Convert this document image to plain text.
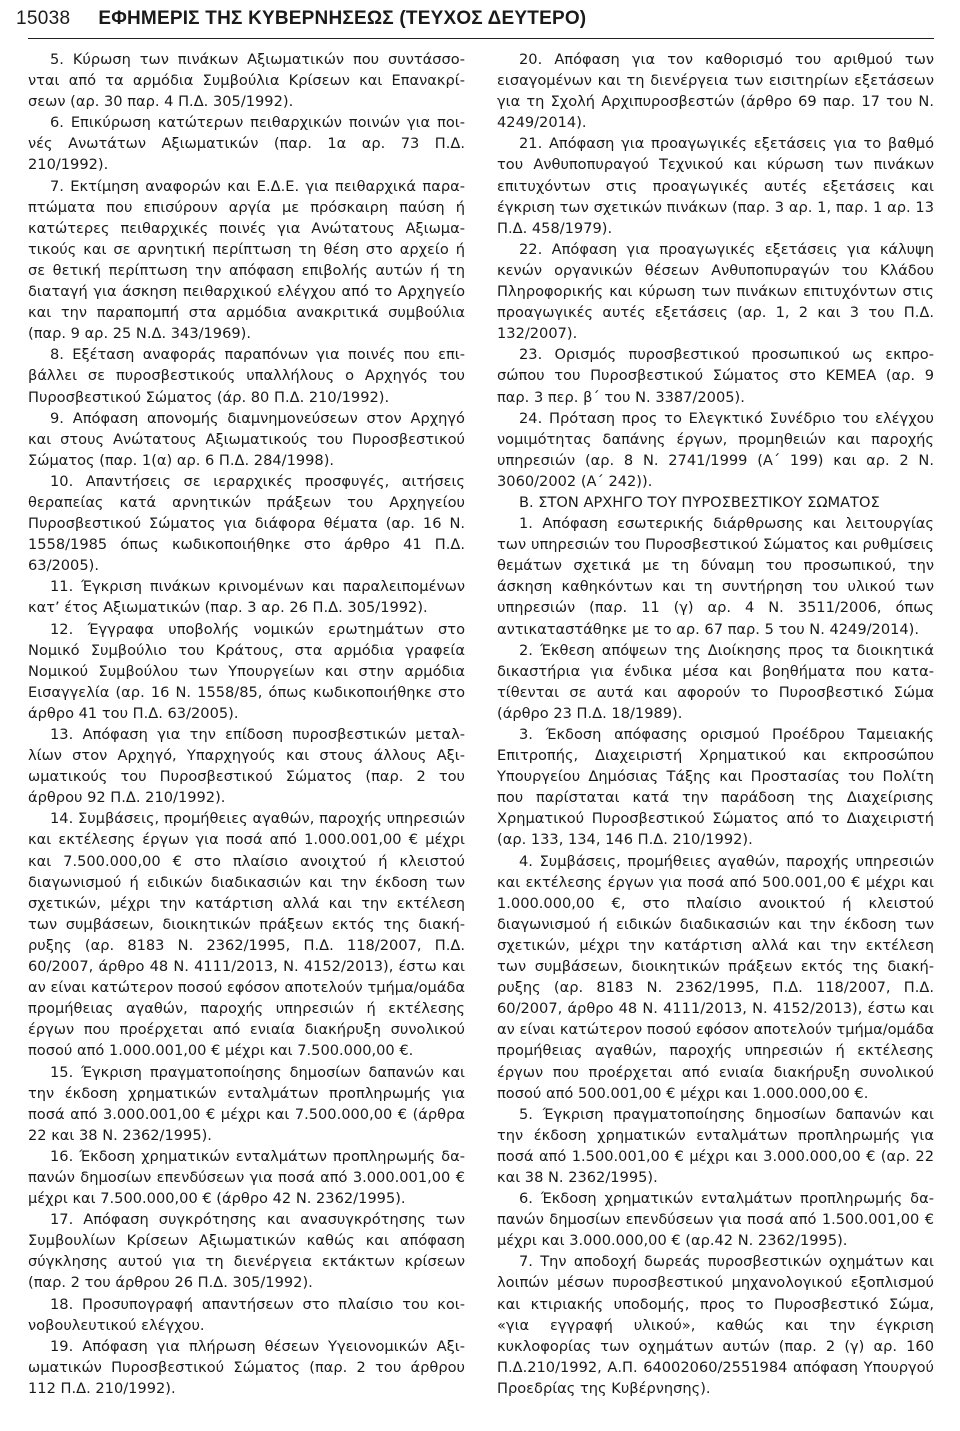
15038 ΕΦΗΜΕΡΙΣ ΤΗΣ ΚΥΒΕΡΝΗΣΕΩΣ (ΤΕΥΧΟΣ ΔΕΥΤΕΡΟ)

5. Κύρωση των πινάκων Αξιωματικών που συντάσσονται από τα αρμόδια Συμβούλια Κρίσεων και Επανακρίσεων (αρ. 30 παρ. 4 Π.Δ. 305/1992).

6. Επικύρωση κατώτερων πειθαρχικών ποινών για ποινές Ανωτάτων Αξιωματικών (παρ. 1α αρ. 73 Π.Δ. 210/1992).

7. Εκτίμηση αναφορών και Ε.Δ.Ε. για πειθαρχικά παραπτώματα που επισύρουν αργία με πρόσκαιρη παύση ή κατώτερες πειθαρχικές ποινές για Ανώτατους Αξιωματικούς και σε αρνητική περίπτωση τη θέση στο αρχείο ή σε θετική περίπτωση την απόφαση επιβολής αυτών ή τη διαταγή για άσκηση πειθαρχικού ελέγχου από το Αρχηγείο και την παραπομπή στα αρμόδια ανακριτικά συμβούλια (παρ. 9 αρ. 25 Ν.Δ. 343/1969).

8. Εξέταση αναφοράς παραπόνων για ποινές που επιβάλλει σε πυροσβεστικούς υπαλλήλους ο Αρχηγός του Πυροσβεστικού Σώματος (άρ. 80 Π.Δ. 210/1992).

9. Απόφαση απονομής διαμνημονεύσεων στον Αρχηγό και στους Ανώτατους Αξιωματικούς του Πυροσβεστικού Σώματος (παρ. 1(α) αρ. 6 Π.Δ. 284/1998).

10. Απαντήσεις σε ιεραρχικές προσφυγές, αιτήσεις θεραπείας κατά αρνητικών πράξεων του Αρχηγείου Πυροσβεστικού Σώματος για διάφορα θέματα (αρ. 16 Ν. 1558/1985 όπως κωδικοποιήθηκε στο άρθρο 41 Π.Δ. 63/2005).

11. Έγκριση πινάκων κρινομένων και παραλειπομένων κατ’ έτος Αξιωματικών (παρ. 3 αρ. 26 Π.Δ. 305/1992).

12. Έγγραφα υποβολής νομικών ερωτημάτων στο Νομικό Συμβούλιο του Κράτους, στα αρμόδια γραφεία Νομικού Συμβούλου των Υπουργείων και στην αρμόδια Εισαγγελία (αρ. 16 Ν. 1558/85, όπως κωδικοποιήθηκε στο άρθρο 41 του Π.Δ. 63/2005).

13. Απόφαση για την επίδοση πυροσβεστικών μεταλλίων στον Αρχηγό, Υπαρχηγούς και στους άλλους Αξιωματικούς του Πυροσβεστικού Σώματος (παρ. 2 του άρθρου 92 Π.Δ. 210/1992).

14. Συμβάσεις, προμήθειες αγαθών, παροχής υπηρεσιών και εκτέλεσης έργων για ποσά από 1.000.001,00 € μέχρι και 7.500.000,00 € στο πλαίσιο ανοιχτού ή κλειστού διαγωνισμού ή ειδικών διαδικασιών και την έκδοση των σχετικών, μέχρι την κατάρτιση αλλά και την εκτέλεση των συμβάσεων, διοικητικών πράξεων εκτός της διακήρυξης (αρ. 8183 Ν. 2362/1995, Π.Δ. 118/2007, Π.Δ. 60/2007, άρθρο 48 Ν. 4111/2013, Ν. 4152/2013), έστω και αν είναι κατώτερον ποσού εφόσον αποτελούν τμήμα/ομάδα προμήθειας αγαθών, παροχής υπηρεσιών ή εκτέλεσης έργων που προέρχεται από ενιαία διακήρυξη συνολικού ποσού από 1.000.001,00 € μέχρι και 7.500.000,00 €.

15. Έγκριση πραγματοποίησης δημοσίων δαπανών και την έκδοση χρηματικών ενταλμάτων προπληρωμής για ποσά από 3.000.001,00 € μέχρι και 7.500.000,00 € (άρθρα 22 και 38 Ν. 2362/1995).

16. Έκδοση χρηματικών ενταλμάτων προπληρωμής δαπανών δημοσίων επενδύσεων για ποσά από 3.000.001,00 € μέχρι και 7.500.000,00 € (άρθρο 42 Ν. 2362/1995).

17. Απόφαση συγκρότησης και ανασυγκρότησης των Συμβουλίων Κρίσεων Αξιωματικών καθώς και απόφαση σύγκλησης αυτού για τη διενέργεια εκτάκτων κρίσεων (παρ. 2 του άρθρου 26 Π.Δ. 305/1992).

18. Προσυπογραφή απαντήσεων στο πλαίσιο του κοινοβουλευτικού ελέγχου.

19. Απόφαση για πλήρωση θέσεων Υγειονομικών Αξιωματικών Πυροσβεστικού Σώματος (παρ. 2 του άρθρου 112 Π.Δ. 210/1992).

20. Απόφαση για τον καθορισμό του αριθμού των εισαγομένων και τη διενέργεια των εισιτηρίων εξετάσεων για τη Σχολή Αρχιπυροσβεστών (άρθρο 69 παρ. 17 του Ν. 4249/2014).

21. Απόφαση για προαγωγικές εξετάσεις για το βαθμό του Ανθυποπυραγού Τεχνικού και κύρωση των πινάκων επιτυχόντων στις προαγωγικές αυτές εξετάσεις και έγκριση των σχετικών πινάκων (παρ. 3 αρ. 1, παρ. 1 αρ. 13 Π.Δ. 458/1979).

22. Απόφαση για προαγωγικές εξετάσεις για κάλυψη κενών οργανικών θέσεων Ανθυποπυραγών του Κλάδου Πληροφορικής και κύρωση των πινάκων επιτυχόντων στις προαγωγικές αυτές εξετάσεις (αρ. 1, 2 και 3 του Π.Δ. 132/2007).

23. Ορισμός πυροσβεστικού προσωπικού ως εκπροσώπου του Πυροσβεστικού Σώματος στο ΚΕΜΕΑ (αρ. 9 παρ. 3 περ. β΄ του Ν. 3387/2005).

24. Πρόταση προς το Ελεγκτικό Συνέδριο του ελέγχου νομιμότητας δαπάνης έργων, προμηθειών και παροχής υπηρεσιών (αρ. 8 Ν. 2741/1999 (Α΄ 199) και αρ. 2 Ν. 3060/2002 (Α΄ 242)).

Β. ΣΤΟΝ ΑΡΧΗΓΟ ΤΟΥ ΠΥΡΟΣΒΕΣΤΙΚΟΥ ΣΩΜΑΤΟΣ

1. Απόφαση εσωτερικής διάρθρωσης και λειτουργίας των υπηρεσιών του Πυροσβεστικού Σώματος και ρυθμίσεις θεμάτων σχετικά με τη δύναμη του προσωπικού, την άσκηση καθηκόντων και τη συντήρηση του υλικού των υπηρεσιών (παρ. 11 (γ) αρ. 4 Ν. 3511/2006, όπως αντικαταστάθηκε με το αρ. 67 παρ. 5 του Ν. 4249/2014).

2. Έκθεση απόψεων της Διοίκησης προς τα διοικητικά δικαστήρια για ένδικα μέσα και βοηθήματα που κατατίθενται σε αυτά και αφορούν το Πυροσβεστικό Σώμα (άρθρο 23 Π.Δ. 18/1989).

3. Έκδοση απόφασης ορισμού Προέδρου Ταμειακής Επιτροπής, Διαχειριστή Χρηματικού και εκπροσώπου Υπουργείου Δημόσιας Τάξης και Προστασίας του Πολίτη που παρίσταται κατά την παράδοση της Διαχείρισης Χρηματικού Πυροσβεστικού Σώματος από το Διαχειριστή (αρ. 133, 134, 146 Π.Δ. 210/1992).

4. Συμβάσεις, προμήθειες αγαθών, παροχής υπηρεσιών και εκτέλεσης έργων για ποσά από 500.001,00 € μέχρι και 1.000.000,00 €, στο πλαίσιο ανοικτού ή κλειστού διαγωνισμού ή ειδικών διαδικασιών και την έκδοση των σχετικών, μέχρι την κατάρτιση αλλά και την εκτέλεση των συμβάσεων, διοικητικών πράξεων εκτός της διακήρυξης (αρ. 8183 Ν. 2362/1995, Π.Δ. 118/2007, Π.Δ. 60/2007, άρθρο 48 Ν. 4111/2013, Ν. 4152/2013), έστω και αν είναι κατώτερον ποσού εφόσον αποτελούν τμήμα/ομάδα προμήθειας αγαθών, παροχής υπηρεσιών ή εκτέλεσης έργων που προέρχεται από ενιαία διακήρυξη συνολικού ποσού από 500.001,00 € μέχρι και 1.000.000,00 €.

5. Έγκριση πραγματοποίησης δημοσίων δαπανών και την έκδοση χρηματικών ενταλμάτων προπληρωμής για ποσά από 1.500.001,00 € μέχρι και 3.000.000,00 € (αρ. 22 και 38 Ν. 2362/1995).

6. Έκδοση χρηματικών ενταλμάτων προπληρωμής δαπανών δημοσίων επενδύσεων για ποσά από 1.500.001,00 € μέχρι και 3.000.000,00 € (αρ.42 Ν. 2362/1995).

7. Την αποδοχή δωρεάς πυροσβεστικών οχημάτων και λοιπών μέσων πυροσβεστικού μηχανολογικού εξοπλισμού και κτιριακής υποδομής, προς το Πυροσβεστικό Σώμα, «για εγγραφή υλικού», καθώς και την έγκριση κυκλοφορίας των οχημάτων αυτών (παρ. 2 (γ) αρ. 160 Π.Δ.210/1992, Α.Π. 64002060/2551984 απόφαση Υπουργού Προεδρίας της Κυβέρνησης).
